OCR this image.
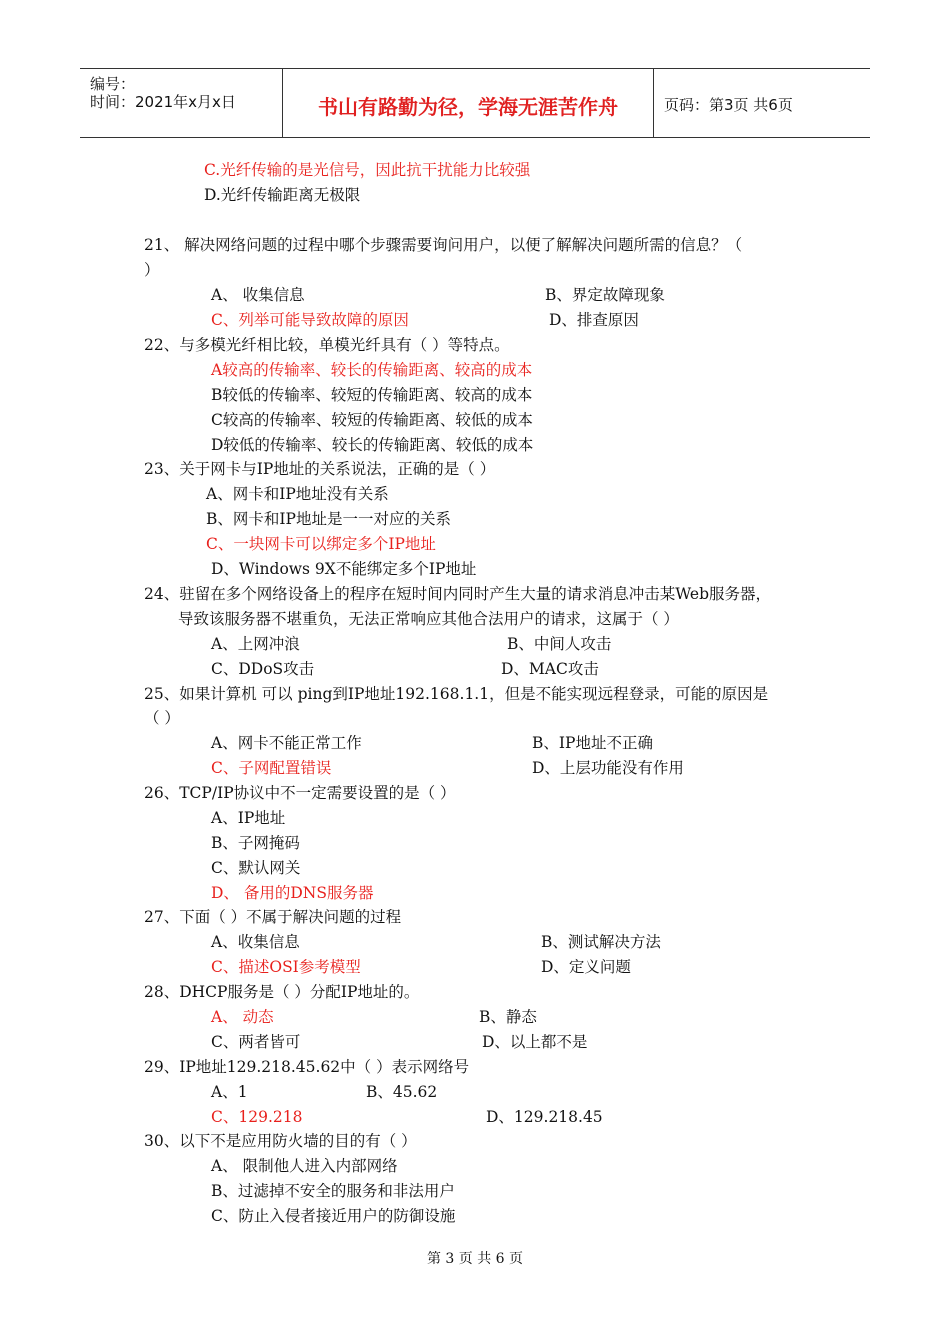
编号：
时间：2021年x月x日	书山有路勤为径，学海无涯苦作舟	页码：第3页 共6页
C.光纤传输的是光信号，因此抗干扰能力比较强
D.光纤传输距离无极限
21、 解决网络问题的过程中哪个步骤需要询问用户，以便了解解决问题所需的信息？（
）
A、 收集信息	B、界定故障现象
C、列举可能导致故障的原因	D、排查原因
22、与多模光纤相比较，单模光纤具有（ ）等特点。
A较高的传输率、较长的传输距离、较高的成本
B较低的传输率、较短的传输距离、较高的成本
C较高的传输率、较短的传输距离、较低的成本
D较低的传输率、较长的传输距离、较低的成本
23、关于网卡与IP地址的关系说法，正确的是（ ）
A、网卡和IP地址没有关系
B、网卡和IP地址是一一对应的关系
C、一块网卡可以绑定多个IP地址
D、Windows 9X不能绑定多个IP地址
24、驻留在多个网络设备上的程序在短时间内同时产生大量的请求消息冲击某Web服务器，
导致该服务器不堪重负，无法正常响应其他合法用户的请求，这属于（ ）
A、上网冲浪	B、中间人攻击
C、DDoS攻击	D、MAC攻击
25、如果计算机 可以 ping到IP地址192.168.1.1，但是不能实现远程登录，可能的原因是
（ ）
A、网卡不能正常工作	B、IP地址不正确
C、子网配置错误	D、上层功能没有作用
26、TCP/IP协议中不一定需要设置的是（ ）
A、IP地址
B、子网掩码
C、默认网关
D、 备用的DNS服务器
27、下面（ ）不属于解决问题的过程
A、收集信息	B、测试解决方法
C、描述OSI参考模型	D、定义问题
28、DHCP服务是（ ）分配IP地址的。
A、 动态	B、静态
C、两者皆可	D、以上都不是
29、IP地址129.218.45.62中（ ）表示网络号
A、1	B、45.62
C、129.218	D、129.218.45
30、以下不是应用防火墙的目的有（ ）
A、 限制他人进入内部网络
B、过滤掉不安全的服务和非法用户
C、防止入侵者接近用户的防御设施
第 3 页 共 6 页
